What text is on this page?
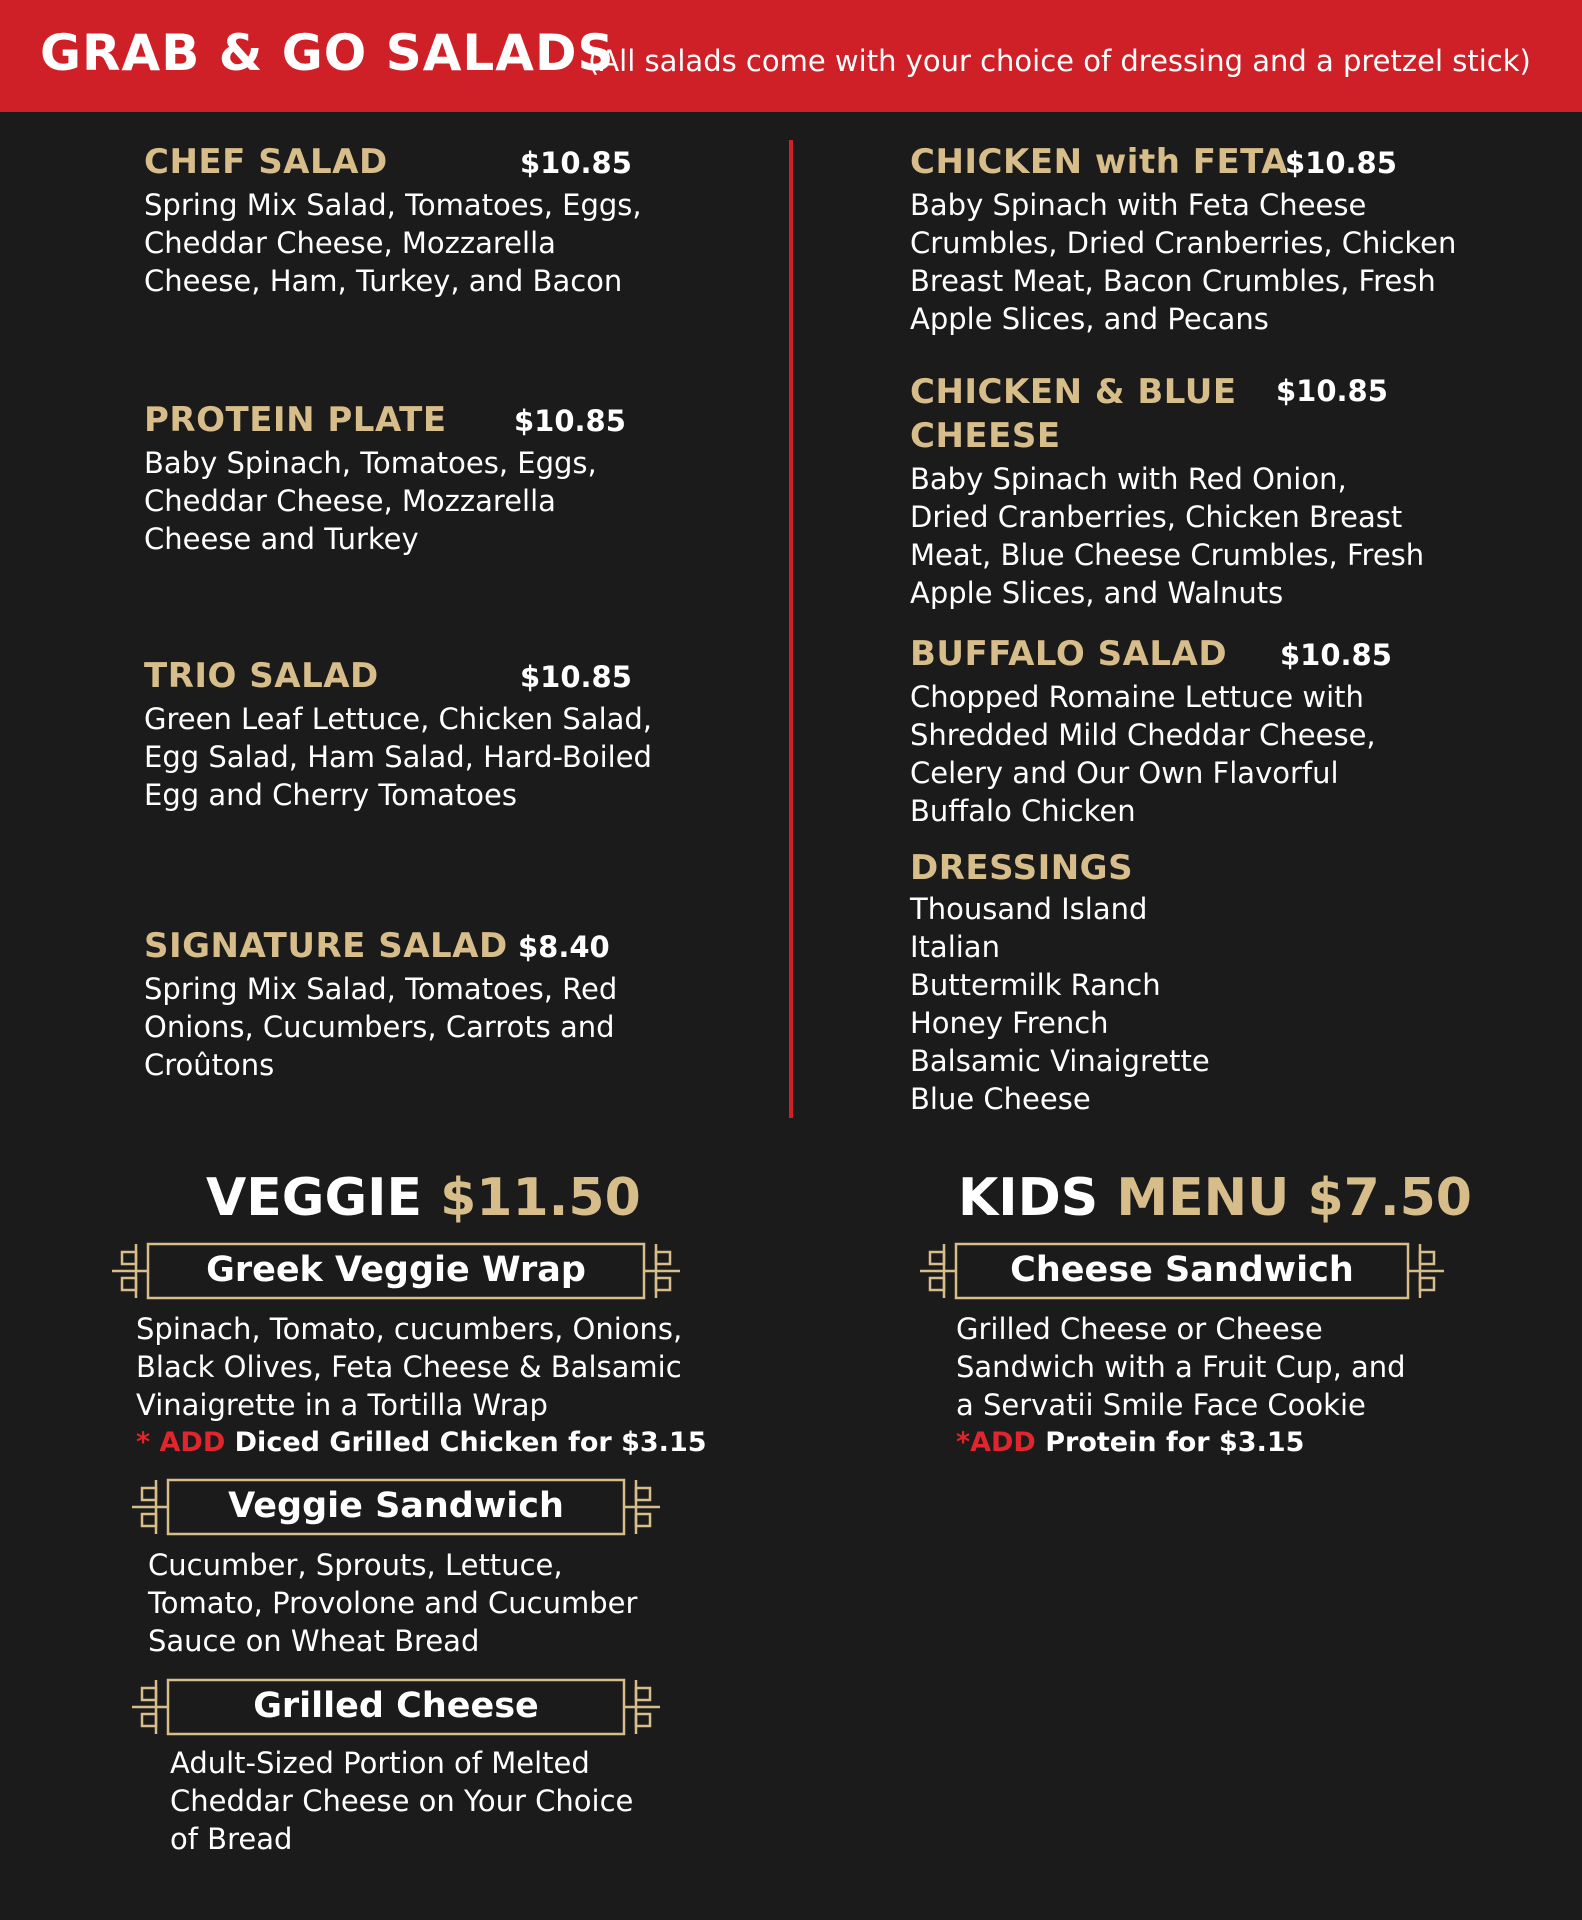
GRAB & GO SALADS
(All salads come with your choice of dressing and a pretzel stick)
CHEF SALAD	$10.85
Spring Mix Salad, Tomatoes, Eggs, Cheddar Cheese, Mozzarella Cheese, Ham, Turkey, and Bacon
PROTEIN PLATE $10.85
Baby Spinach, Tomatoes, Eggs, Cheddar Cheese, Mozzarella Cheese and Turkey
TRIO SALAD	$10.85
Green Leaf Lettuce, Chicken Salad, Egg Salad, Ham Salad, Hard-Boiled Egg and Cherry Tomatoes
SIGNATURE SALAD $8.40
Spring Mix Salad, Tomatoes, Red Onions, Cucumbers, Carrots and Croûtons
CHICKEN with FETA
$10.85
Baby Spinach with Feta Cheese Crumbles, Dried Cranberries, Chicken Breast Meat, Bacon Crumbles, Fresh Apple Slices, and Pecans
CHICKEN & BLUE CHEESE
$10.85
Baby Spinach with Red Onion, Dried Cranberries, Chicken Breast Meat, Blue Cheese Crumbles, Fresh Apple Slices, and Walnuts
BUFFALO SALAD $10.85
Chopped Romaine Lettuce with Shredded Mild Cheddar Cheese, Celery and Our Own Flavorful Buffalo Chicken
DRESSINGS
Thousand Island
Italian
Buttermilk Ranch
Honey French
Balsamic Vinaigrette
Blue Cheese
VEGGIE $11.50
Greek Veggie Wrap
Spinach, Tomato, cucumbers, Onions, Black Olives, Feta Cheese & Balsamic Vinaigrette in a Tortilla Wrap
* ADD Diced Grilled Chicken for $3.15
Veggie Sandwich
Cucumber, Sprouts, Lettuce, Tomato, Provolone and Cucumber Sauce on Wheat Bread
Grilled Cheese
Adult-Sized Portion of Melted Cheddar Cheese on Your Choice of Bread
KIDS MENU $7.50
Cheese Sandwich
Grilled Cheese or Cheese Sandwich with a Fruit Cup, and a Servatii Smile Face Cookie
*ADD Protein for $3.15
